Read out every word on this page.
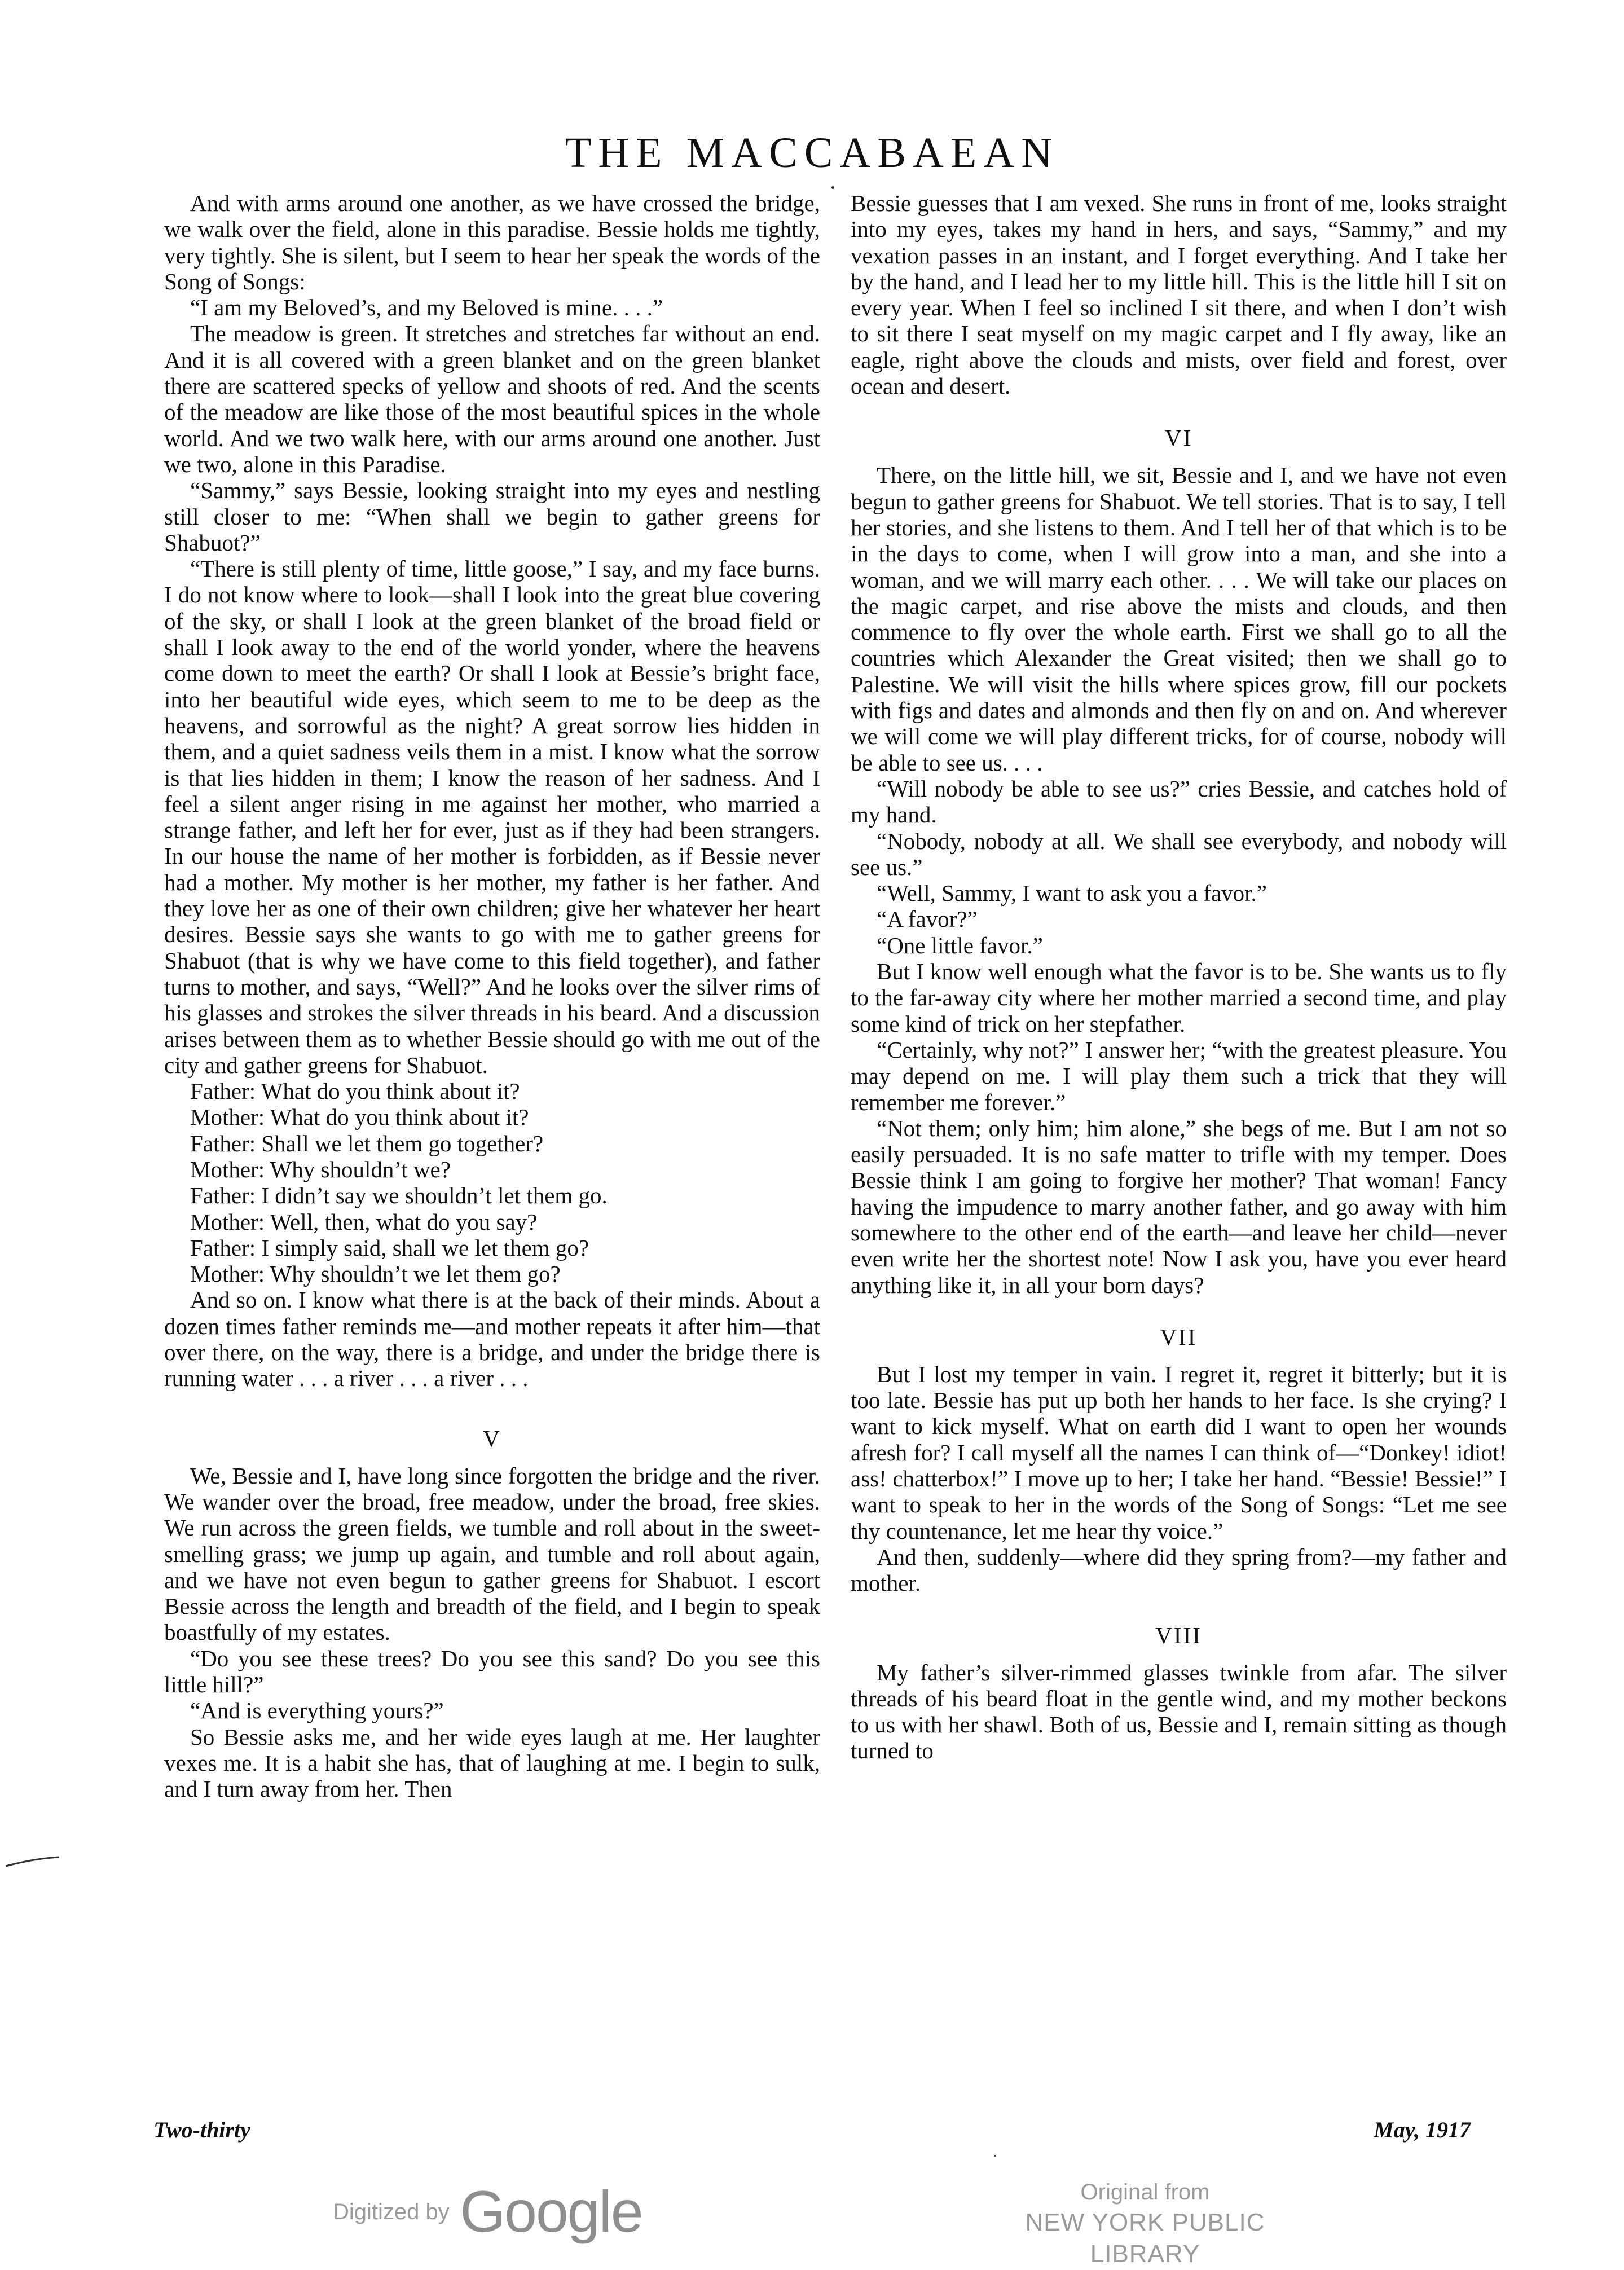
THE MACCABAEAN

And with arms around one another, as we have crossed the bridge, we walk over the field, alone in this paradise. Bessie holds me tightly, very tightly. She is silent, but I seem to hear her speak the words of the Song of Songs:

“I am my Beloved’s, and my Beloved is mine. . . .”

The meadow is green. It stretches and stretches far without an end. And it is all covered with a green blanket and on the green blanket there are scattered specks of yellow and shoots of red. And the scents of the meadow are like those of the most beautiful spices in the whole world. And we two walk here, with our arms around one another. Just we two, alone in this Paradise.

“Sammy,” says Bessie, looking straight into my eyes and nestling still closer to me: “When shall we begin to gather greens for Shabuot?”

“There is still plenty of time, little goose,” I say, and my face burns. I do not know where to look—shall I look into the great blue covering of the sky, or shall I look at the green blanket of the broad field or shall I look away to the end of the world yonder, where the heavens come down to meet the earth? Or shall I look at Bessie’s bright face, into her beautiful wide eyes, which seem to me to be deep as the heavens, and sorrowful as the night? A great sorrow lies hidden in them, and a quiet sadness veils them in a mist. I know what the sorrow is that lies hidden in them; I know the reason of her sadness. And I feel a silent anger rising in me against her mother, who married a strange father, and left her for ever, just as if they had been strangers. In our house the name of her mother is forbidden, as if Bessie never had a mother. My mother is her mother, my father is her father. And they love her as one of their own children; give her whatever her heart desires. Bessie says she wants to go with me to gather greens for Shabuot (that is why we have come to this field together), and father turns to mother, and says, “Well?” And he looks over the silver rims of his glasses and strokes the silver threads in his beard. And a discussion arises between them as to whether Bessie should go with me out of the city and gather greens for Shabuot.

Father: What do you think about it?

Mother: What do you think about it?

Father: Shall we let them go together?

Mother: Why shouldn’t we?

Father: I didn’t say we shouldn’t let them go.

Mother: Well, then, what do you say?

Father: I simply said, shall we let them go?

Mother: Why shouldn’t we let them go?

And so on. I know what there is at the back of their minds. About a dozen times father reminds me—and mother repeats it after him—that over there, on the way, there is a bridge, and under the bridge there is running water . . . a river . . . a river . . .

V

We, Bessie and I, have long since forgotten the bridge and the river. We wander over the broad, free meadow, under the broad, free skies. We run across the green fields, we tumble and roll about in the sweet-smelling grass; we jump up again, and tumble and roll about again, and we have not even begun to gather greens for Shabuot. I escort Bessie across the length and breadth of the field, and I begin to speak boastfully of my estates.

“Do you see these trees? Do you see this sand? Do you see this little hill?”

“And is everything yours?”

So Bessie asks me, and her wide eyes laugh at me. Her laughter vexes me. It is a habit she has, that of laughing at me. I begin to sulk, and I turn away from her. Then

Bessie guesses that I am vexed. She runs in front of me, looks straight into my eyes, takes my hand in hers, and says, “Sammy,” and my vexation passes in an instant, and I forget everything. And I take her by the hand, and I lead her to my little hill. This is the little hill I sit on every year. When I feel so inclined I sit there, and when I don’t wish to sit there I seat myself on my magic carpet and I fly away, like an eagle, right above the clouds and mists, over field and forest, over ocean and desert.

VI

There, on the little hill, we sit, Bessie and I, and we have not even begun to gather greens for Shabuot. We tell stories. That is to say, I tell her stories, and she listens to them. And I tell her of that which is to be in the days to come, when I will grow into a man, and she into a woman, and we will marry each other. . . . We will take our places on the magic carpet, and rise above the mists and clouds, and then commence to fly over the whole earth. First we shall go to all the countries which Alexander the Great visited; then we shall go to Palestine. We will visit the hills where spices grow, fill our pockets with figs and dates and almonds and then fly on and on. And wherever we will come we will play different tricks, for of course, nobody will be able to see us. . . .

“Will nobody be able to see us?” cries Bessie, and catches hold of my hand.

“Nobody, nobody at all. We shall see everybody, and nobody will see us.”

“Well, Sammy, I want to ask you a favor.”

“A favor?”

“One little favor.”

But I know well enough what the favor is to be. She wants us to fly to the far-away city where her mother married a second time, and play some kind of trick on her stepfather.

“Certainly, why not?” I answer her; “with the greatest pleasure. You may depend on me. I will play them such a trick that they will remember me forever.”

“Not them; only him; him alone,” she begs of me. But I am not so easily persuaded. It is no safe matter to trifle with my temper. Does Bessie think I am going to forgive her mother? That woman! Fancy having the impudence to marry another father, and go away with him somewhere to the other end of the earth—and leave her child—never even write her the shortest note! Now I ask you, have you ever heard anything like it, in all your born days?

VII

But I lost my temper in vain. I regret it, regret it bitterly; but it is too late. Bessie has put up both her hands to her face. Is she crying? I want to kick myself. What on earth did I want to open her wounds afresh for? I call myself all the names I can think of—“Donkey! idiot! ass! chatterbox!” I move up to her; I take her hand. “Bessie! Bessie!” I want to speak to her in the words of the Song of Songs: “Let me see thy countenance, let me hear thy voice.”

And then, suddenly—where did they spring from?—my father and mother.

VIII

My father’s silver-rimmed glasses twinkle from afar. The silver threads of his beard float in the gentle wind, and my mother beckons to us with her shawl. Both of us, Bessie and I, remain sitting as though turned to

Two-thirty	May, 1917
Digitized by Google	Original from
NEW YORK PUBLIC LIBRARY
